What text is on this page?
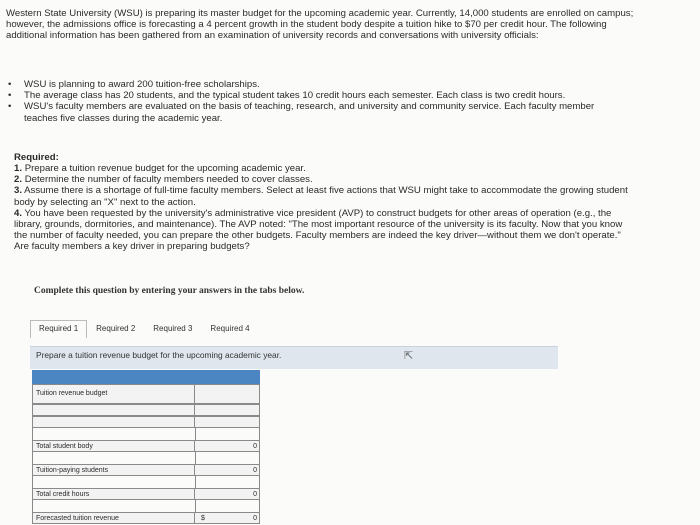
Western State University (WSU) is preparing its master budget for the upcoming academic year. Currently, 14,000 students are enrolled on campus; however, the admissions office is forecasting a 4 percent growth in the student body despite a tuition hike to $70 per credit hour. The following additional information has been gathered from an examination of university records and conversations with university officials:
• WSU is planning to award 200 tuition-free scholarships.
• The average class has 20 students, and the typical student takes 10 credit hours each semester. Each class is two credit hours.
• WSU's faculty members are evaluated on the basis of teaching, research, and university and community service. Each faculty member teaches five classes during the academic year.
Required:
1. Prepare a tuition revenue budget for the upcoming academic year.
2. Determine the number of faculty members needed to cover classes.
3. Assume there is a shortage of full-time faculty members. Select at least five actions that WSU might take to accommodate the growing student body by selecting an "X" next to the action.
4. You have been requested by the university's administrative vice president (AVP) to construct budgets for other areas of operation (e.g., the library, grounds, dormitories, and maintenance). The AVP noted: "The most important resource of the university is its faculty. Now that you know the number of faculty needed, you can prepare the other budgets. Faculty members are indeed the key driver—without them we don't operate." Are faculty members a key driver in preparing budgets?
Complete this question by entering your answers in the tabs below.
Required 1	Required 2	Required 3	Required 4
Prepare a tuition revenue budget for the upcoming academic year.	⇱
Tuition revenue budget
Total student body	0
Tuition-paying students	0
Total credit hours	0
Forecasted tuition revenue	0
$
